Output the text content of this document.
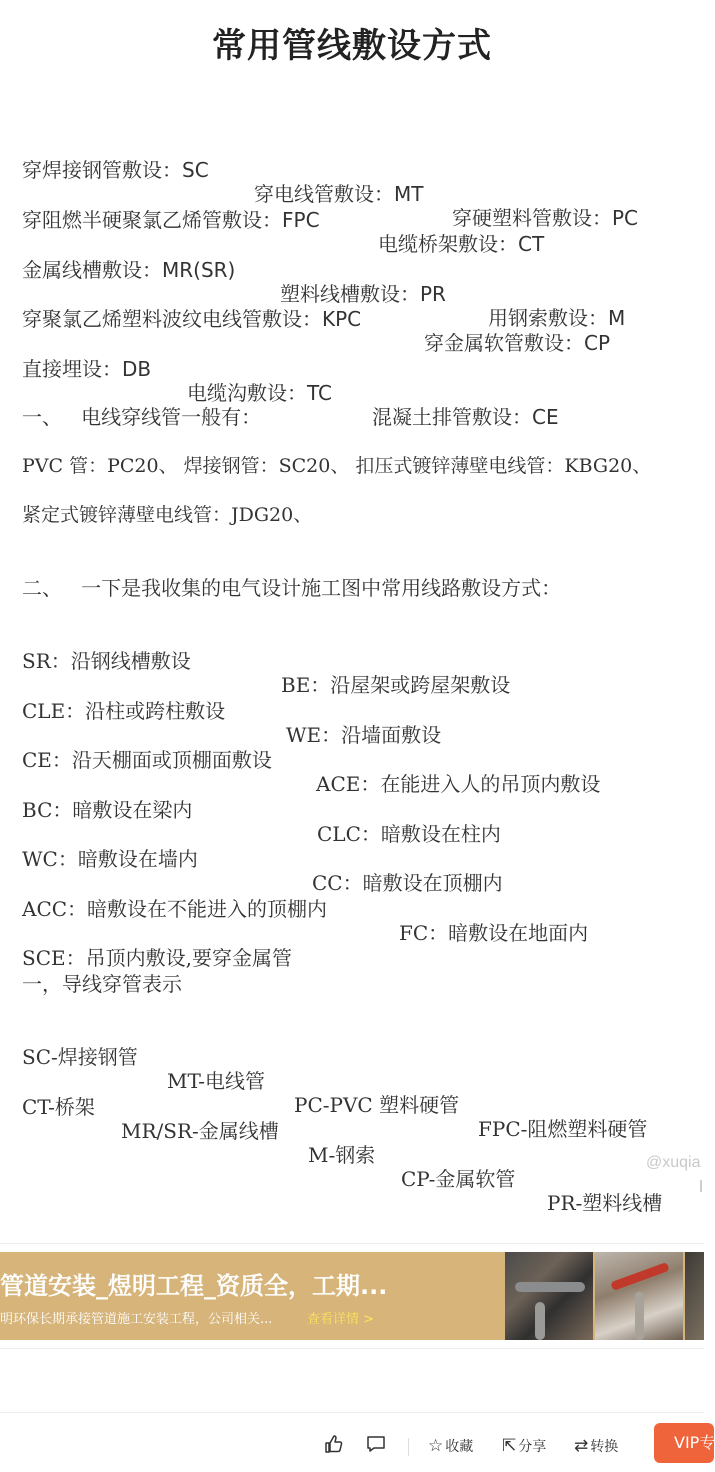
常用管线敷设方式

穿焊接钢管敷设：SC

穿电线管敷设：MT

穿硬塑料管敷设：PC

穿阻燃半硬聚氯乙烯管敷设：FPC

电缆桥架敷设：CT

金属线槽敷设：MR(SR)

塑料线槽敷设：PR

用钢索敷设：M

穿聚氯乙烯塑料波纹电线管敷设：KPC

穿金属软管敷设：CP

直接埋设：DB

电缆沟敷设：TC

混凝土排管敷设：CE

一、   电线穿线管一般有：
PVC 管：PC20、 焊接钢管：SC20、 扣压式镀锌薄壁电线管：KBG20、
紧定式镀锌薄壁电线管：JDG20、
二、   一下是我收集的电气设计施工图中常用线路敷设方式：

SR：沿钢线槽敷设

BE：沿屋架或跨屋架敷设

CLE：沿柱或跨柱敷设

WE：沿墙面敷设

CE：沿天棚面或顶棚面敷设

ACE：在能进入人的吊顶内敷设

BC：暗敷设在梁内

CLC：暗敷设在柱内

WC：暗敷设在墙内

CC：暗敷设在顶棚内

ACC：暗敷设在不能进入的顶棚内

FC：暗敷设在地面内

SCE：吊顶内敷设,要穿金属管

一，导线穿管表示

SC-焊接钢管

MT-电线管

PC-PVC 塑料硬管

FPC-阻燃塑料硬管

CT-桥架

MR/SR-金属线槽

M-钢索

CP-金属软管

PR-塑料线槽

@xuqia
管道安装_煜明工程_资质全，工期...
明环保长期承接管道施工安装工程，公司相关...	查看详情 >
☆ 收藏 ⇱ 分享 ⇄ 转换	VIP专
